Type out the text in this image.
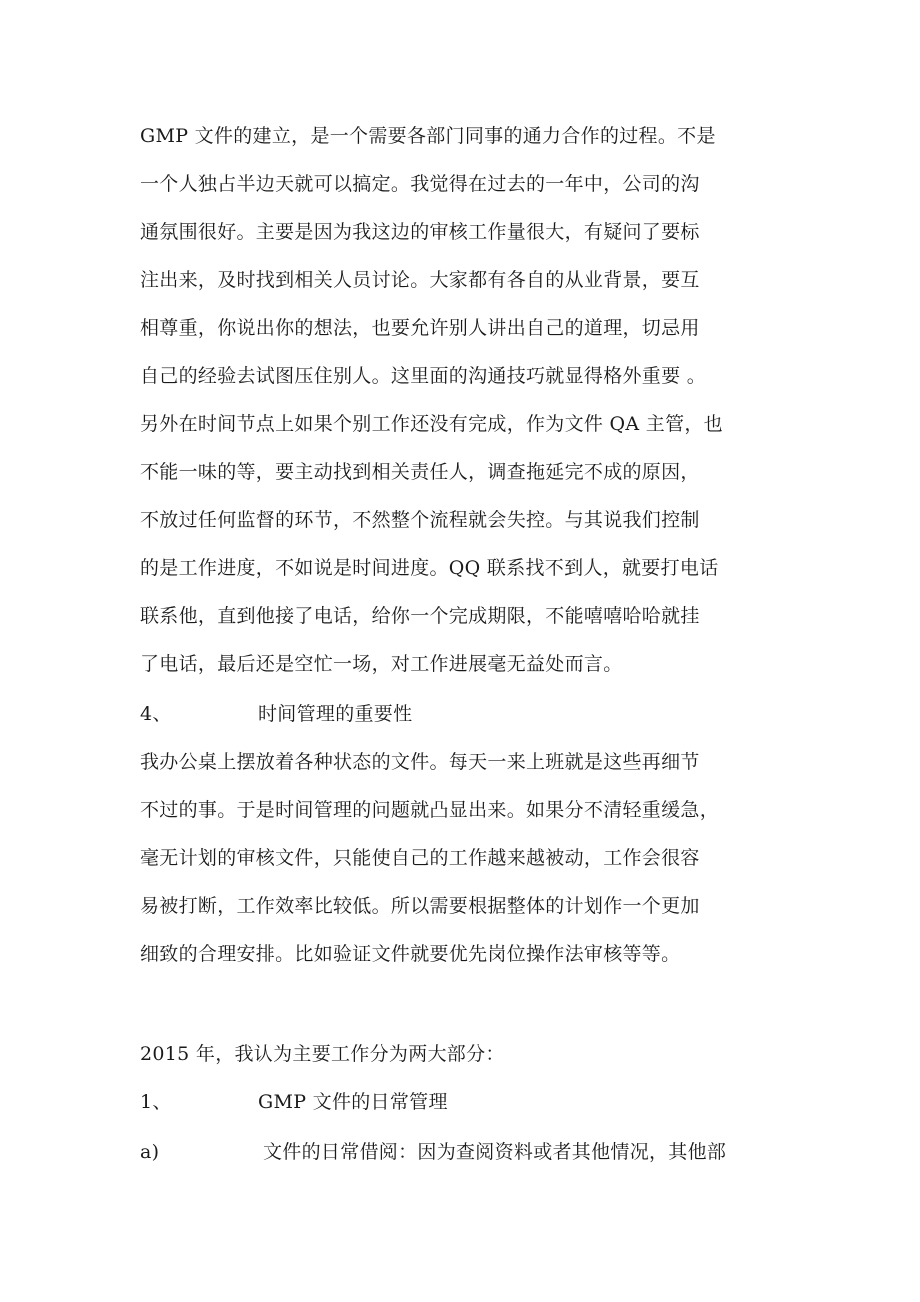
GMP 文件的建立，是一个需要各部门同事的通力合作的过程。不是
一个人独占半边天就可以搞定。我觉得在过去的一年中，公司的沟
通氛围很好。主要是因为我这边的审核工作量很大，有疑问了要标
注出来，及时找到相关人员讨论。大家都有各自的从业背景，要互
相尊重，你说出你的想法，也要允许别人讲出自己的道理，切忌用
自己的经验去试图压住别人。这里面的沟通技巧就显得格外重要 。
另外在时间节点上如果个别工作还没有完成，作为文件 QA 主管，也
不能一味的等，要主动找到相关责任人，调查拖延完不成的原因，
不放过任何监督的环节，不然整个流程就会失控。与其说我们控制
的是工作进度，不如说是时间进度。QQ 联系找不到人，就要打电话
联系他，直到他接了电话，给你一个完成期限，不能嘻嘻哈哈就挂
了电话，最后还是空忙一场，对工作进展毫无益处而言。
4、	时间管理的重要性
我办公桌上摆放着各种状态的文件。每天一来上班就是这些再细节
不过的事。于是时间管理的问题就凸显出来。如果分不清轻重缓急，
毫无计划的审核文件，只能使自己的工作越来越被动，工作会很容
易被打断，工作效率比较低。所以需要根据整体的计划作一个更加
细致的合理安排。比如验证文件就要优先岗位操作法审核等等。
2015 年，我认为主要工作分为两大部分：
1、	GMP 文件的日常管理
a)	文件的日常借阅：因为查阅资料或者其他情况，其他部
